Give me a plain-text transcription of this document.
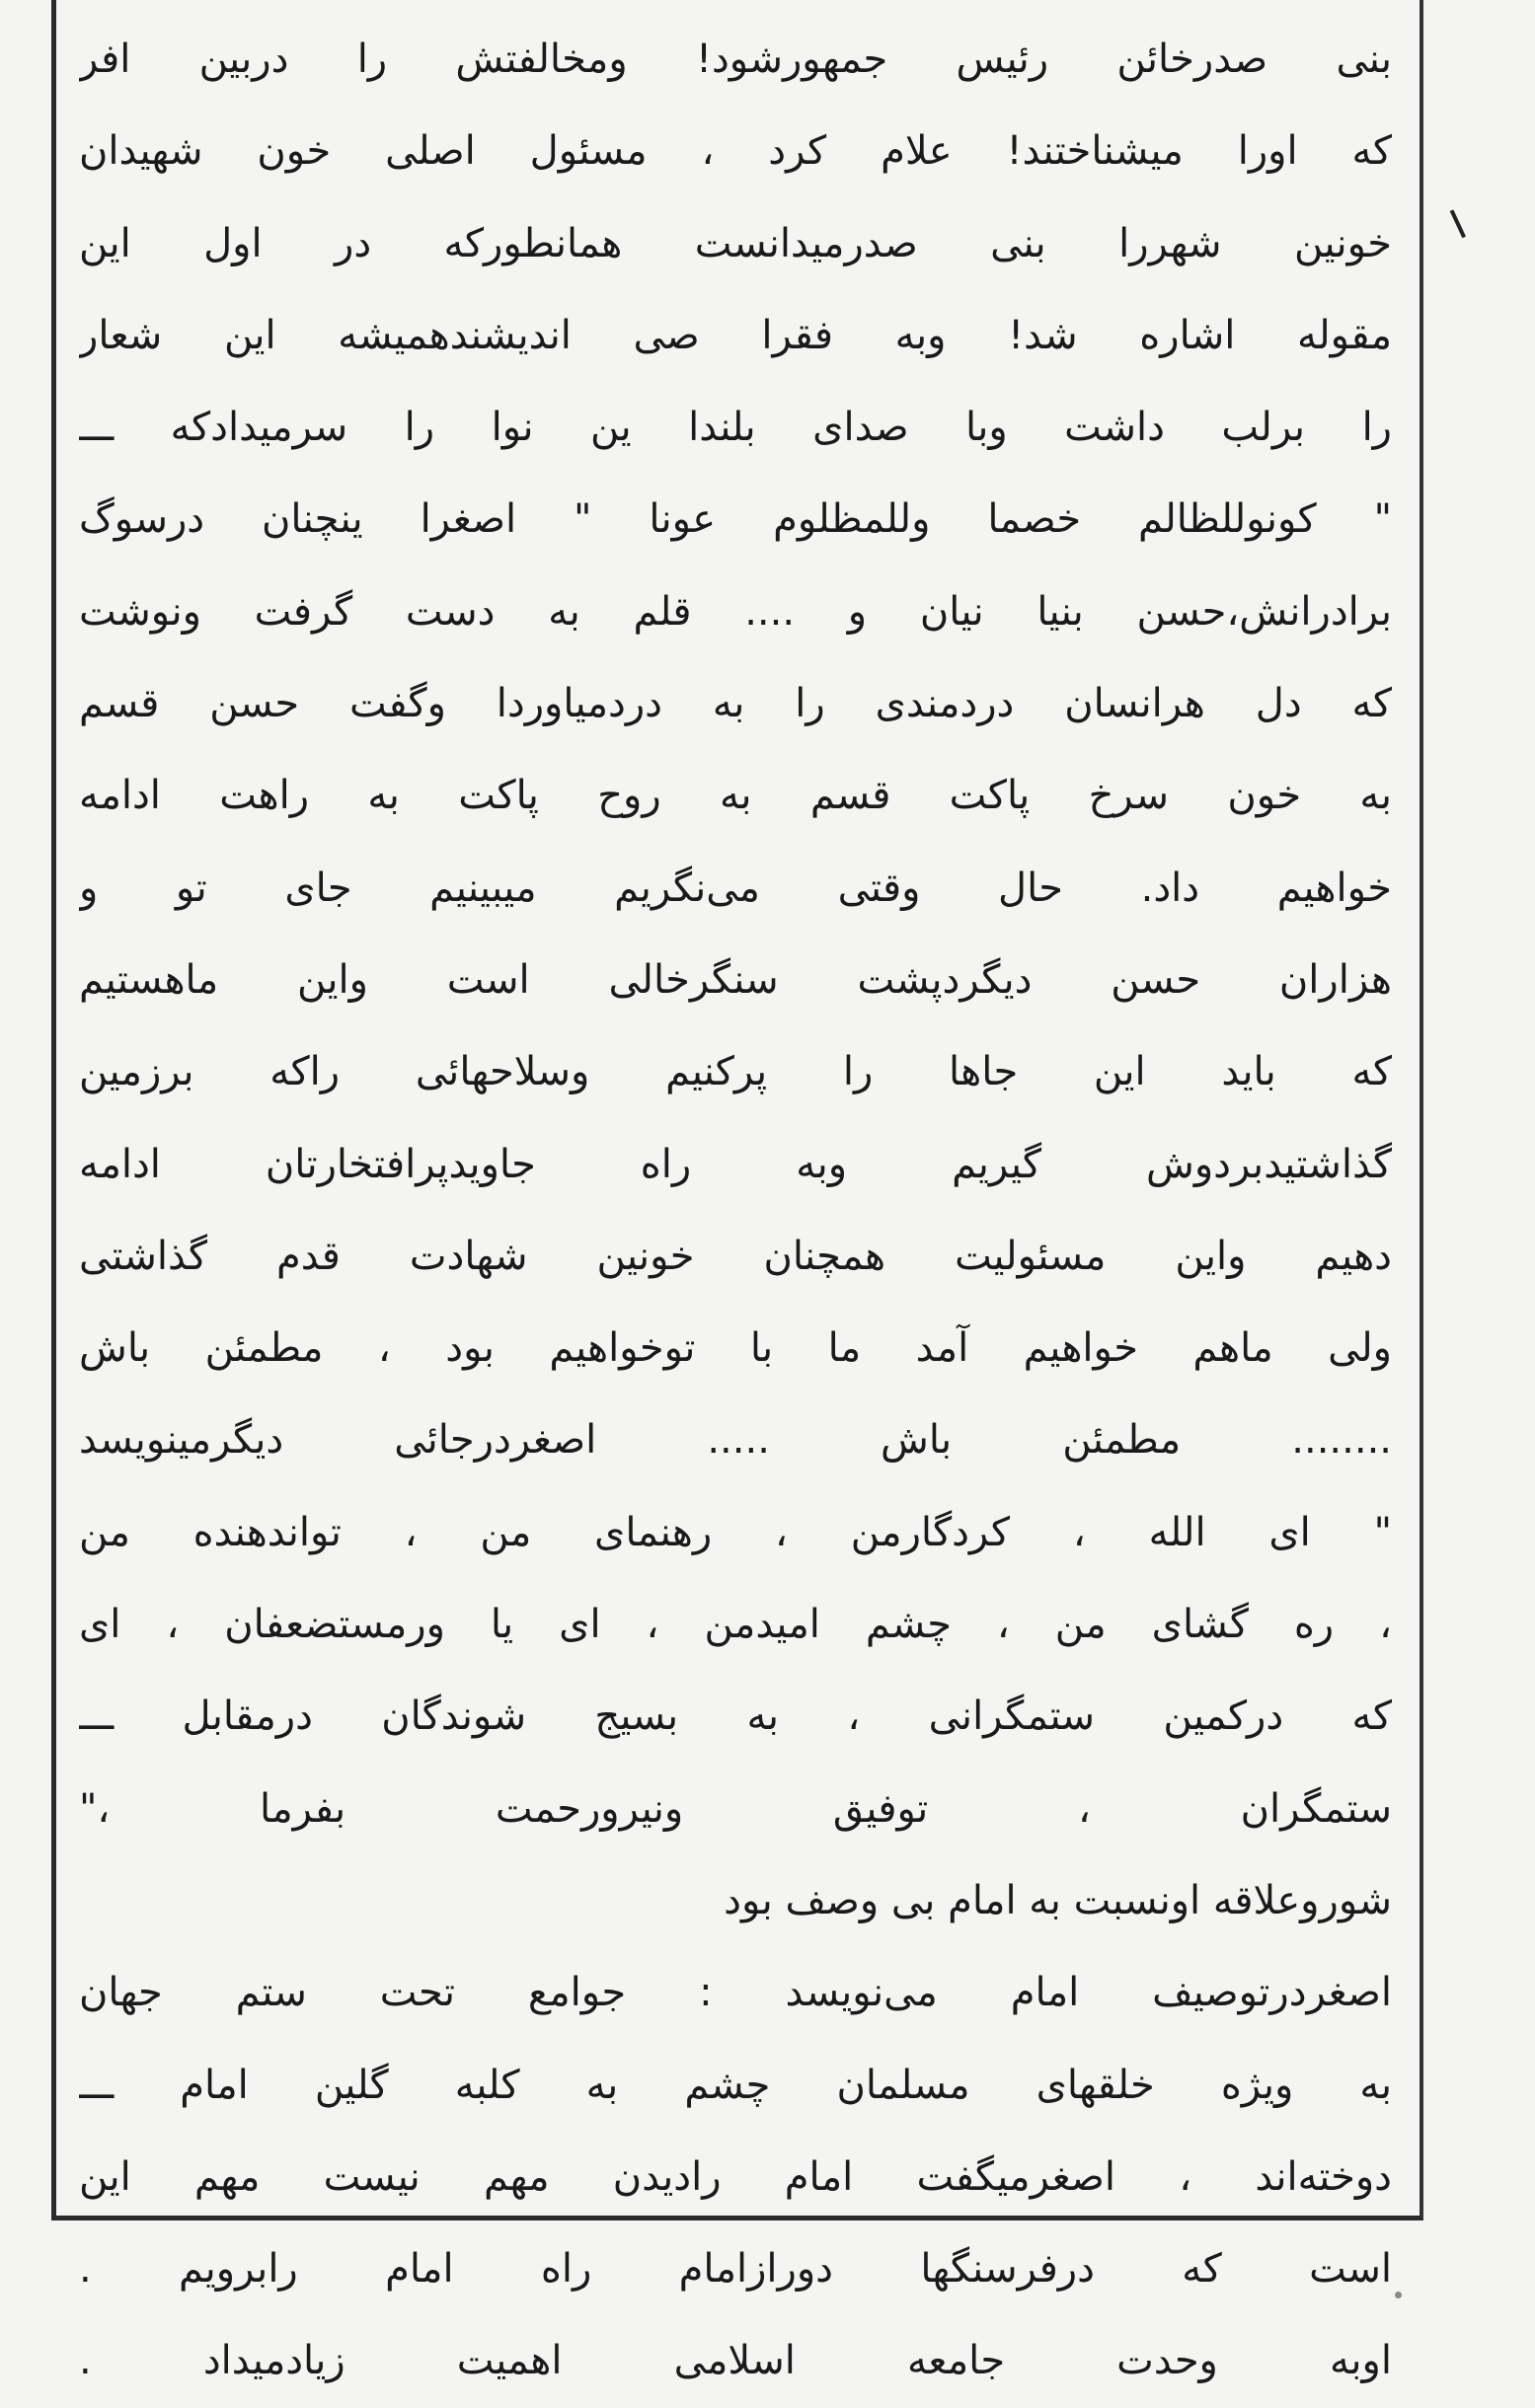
بنی صدرخائن رئیس جمهورشود! ومخالفتش را دربین افر
که اورا میشناختند! علام کرد ، مسئول اصلی خون شهیدان
خونین شهررا بنی صدرمیدانست همانطورکه در اول این
مقوله اشاره شد! وبه فقرا صی اندیشندهمیشه این شعار
را برلب داشت وبا صدای بلندا ین نوا را سرمیدادکه ـــ
" کونوللظالم خصما وللمظلوم عونا " اصغرا ینچنان درسوگ
برادرانش،حسن بنیا نیان و .... قلم به دست گرفت ونوشت
که دل هرانسان دردمندی را به دردمیاوردا وگفت حسن قسم
به خون سرخ پاکت قسم به روح پاکت به راهت ادامه
خواهیم داد. حال وقتی می‌نگریم میبینیم جای تو و
هزاران حسن دیگردپشت سنگرخالی است واین ماهستیم
که باید این جاها را پرکنیم وسلاحهائی راکه برزمین
گذاشتیدبردوش گیریم وبه راه جاویدپرافتخارتان ادامه
دهیم واین مسئولیت همچنان خونین شهادت قدم گذاشتی
ولی ماهم خواهیم آمد ما با توخواهیم بود ، مطمئن باش
........ مطمئن باش ..... اصغردرجائی دیگرمینویسد
" ای الله ، کردگارمن ، رهنمای من ، تواندهنده من
، ره گشای من ، چشم امیدمن ، ای یا ورمستضعفان ، ای
که درکمین ستمگرانی ، به بسیج شوندگان درمقابل ـــ
ستمگران ، توفیق ونیرورحمت بفرما ،"
شوروعلاقه اونسبت به امام بی وصف بود
اصغردرتوصیف امام می‌نویسد : جوامع تحت ستم جهان
به ویژه خلقهای مسلمان چشم به کلبه گلین امام ـــ
دوخته‌اند ، اصغرمیگفت امام رادیدن مهم نیست مهم این
است که درفرسنگها دورازامام راه امام رابرویم .
اوبه وحدت جامعه اسلامی اهمیت زیادمیداد .
